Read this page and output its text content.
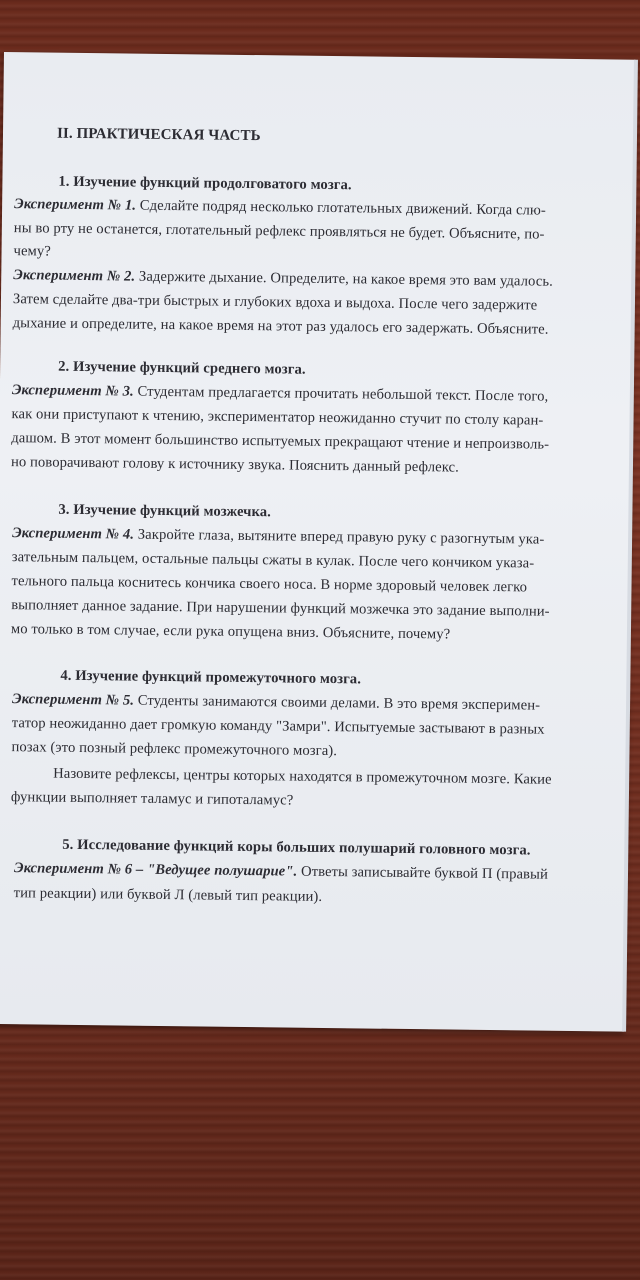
II. ПРАКТИЧЕСКАЯ ЧАСТЬ
1. Изучение функций продолговатого мозга.
Эксперимент № 1. Сделайте подряд несколько глотательных движений. Когда слю-
ны во рту не останется, глотательный рефлекс проявляться не будет. Объясните, по-
чему?
Эксперимент № 2. Задержите дыхание. Определите, на какое время это вам удалось.
Затем сделайте два-три быстрых и глубоких вдоха и выдоха. После чего задержите
дыхание и определите, на какое время на этот раз удалось его задержать. Объясните.
2. Изучение функций среднего мозга.
Эксперимент № 3. Студентам предлагается прочитать небольшой текст. После того,
как они приступают к чтению, экспериментатор неожиданно стучит по столу каран-
дашом. В этот момент большинство испытуемых прекращают чтение и непроизволь-
но поворачивают голову к источнику звука. Пояснить данный рефлекс.
3. Изучение функций мозжечка.
Эксперимент № 4. Закройте глаза, вытяните вперед правую руку с разогнутым ука-
зательным пальцем, остальные пальцы сжаты в кулак. После чего кончиком указа-
тельного пальца коснитесь кончика своего носа. В норме здоровый человек легко
выполняет данное задание. При нарушении функций мозжечка это задание выполни-
мо только в том случае, если рука опущена вниз. Объясните, почему?
4. Изучение функций промежуточного мозга.
Эксперимент № 5. Студенты занимаются своими делами. В это время эксперимен-
татор неожиданно дает громкую команду "Замри". Испытуемые застывают в разных
позах (это позный рефлекс промежуточного мозга).
Назовите рефлексы, центры которых находятся в промежуточном мозге. Какие
функции выполняет таламус и гипоталамус?
5. Исследование функций коры больших полушарий головного мозга.
Эксперимент № 6 – "Ведущее полушарие". Ответы записывайте буквой П (правый
тип реакции) или буквой Л (левый тип реакции).
